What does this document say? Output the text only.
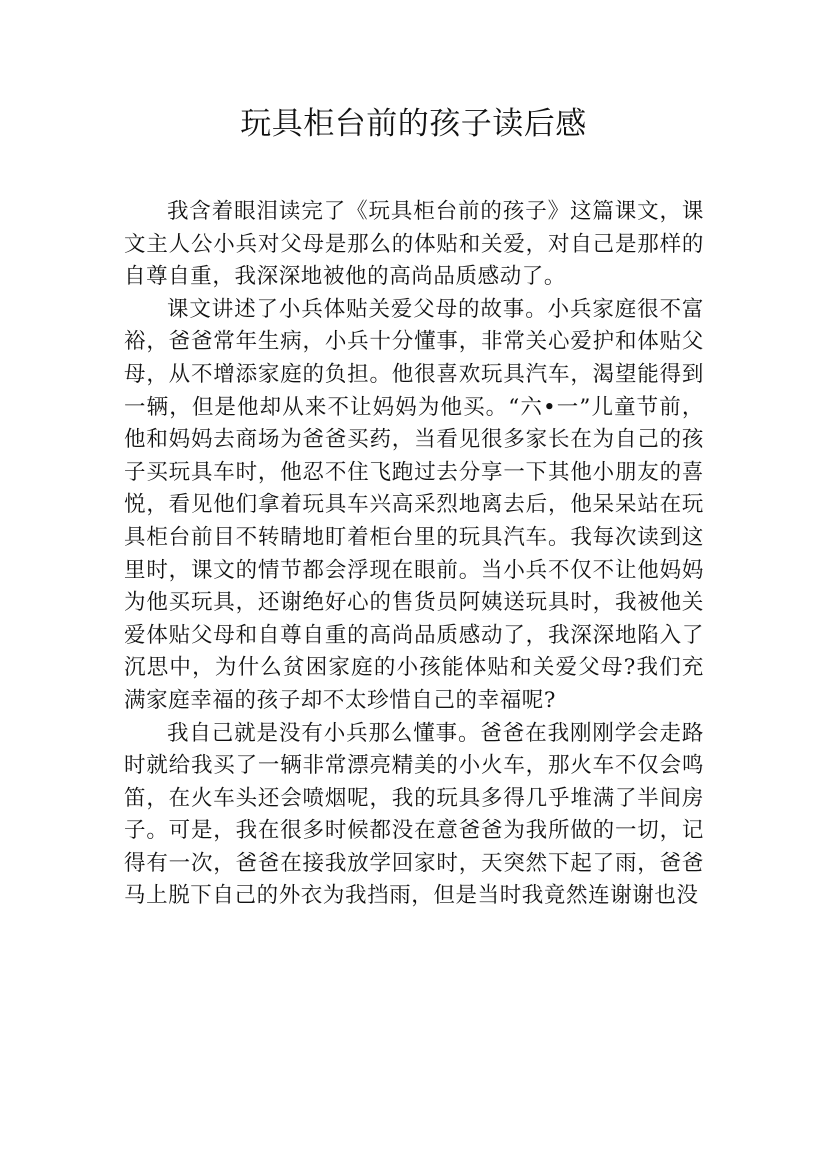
玩具柜台前的孩子读后感

我含着眼泪读完了《玩具柜台前的孩子》这篇课文，课文主人公小兵对父母是那么的体贴和关爱，对自己是那样的自尊自重，我深深地被他的高尚品质感动了。

课文讲述了小兵体贴关爱父母的故事。小兵家庭很不富裕，爸爸常年生病，小兵十分懂事，非常关心爱护和体贴父母，从不增添家庭的负担。他很喜欢玩具汽车，渴望能得到一辆，但是他却从来不让妈妈为他买。“六•一”儿童节前，他和妈妈去商场为爸爸买药，当看见很多家长在为自己的孩子买玩具车时，他忍不住飞跑过去分享一下其他小朋友的喜悦，看见他们拿着玩具车兴高采烈地离去后，他呆呆站在玩具柜台前目不转睛地盯着柜台里的玩具汽车。我每次读到这里时，课文的情节都会浮现在眼前。当小兵不仅不让他妈妈为他买玩具，还谢绝好心的售货员阿姨送玩具时，我被他关爱体贴父母和自尊自重的高尚品质感动了，我深深地陷入了沉思中，为什么贫困家庭的小孩能体贴和关爱父母?我们充满家庭幸福的孩子却不太珍惜自己的幸福呢?

我自己就是没有小兵那么懂事。爸爸在我刚刚学会走路时就给我买了一辆非常漂亮精美的小火车，那火车不仅会鸣笛，在火车头还会喷烟呢，我的玩具多得几乎堆满了半间房子。可是，我在很多时候都没在意爸爸为我所做的一切，记得有一次，爸爸在接我放学回家时，天突然下起了雨，爸爸马上脱下自己的外衣为我挡雨，但是当时我竟然连谢谢也没
